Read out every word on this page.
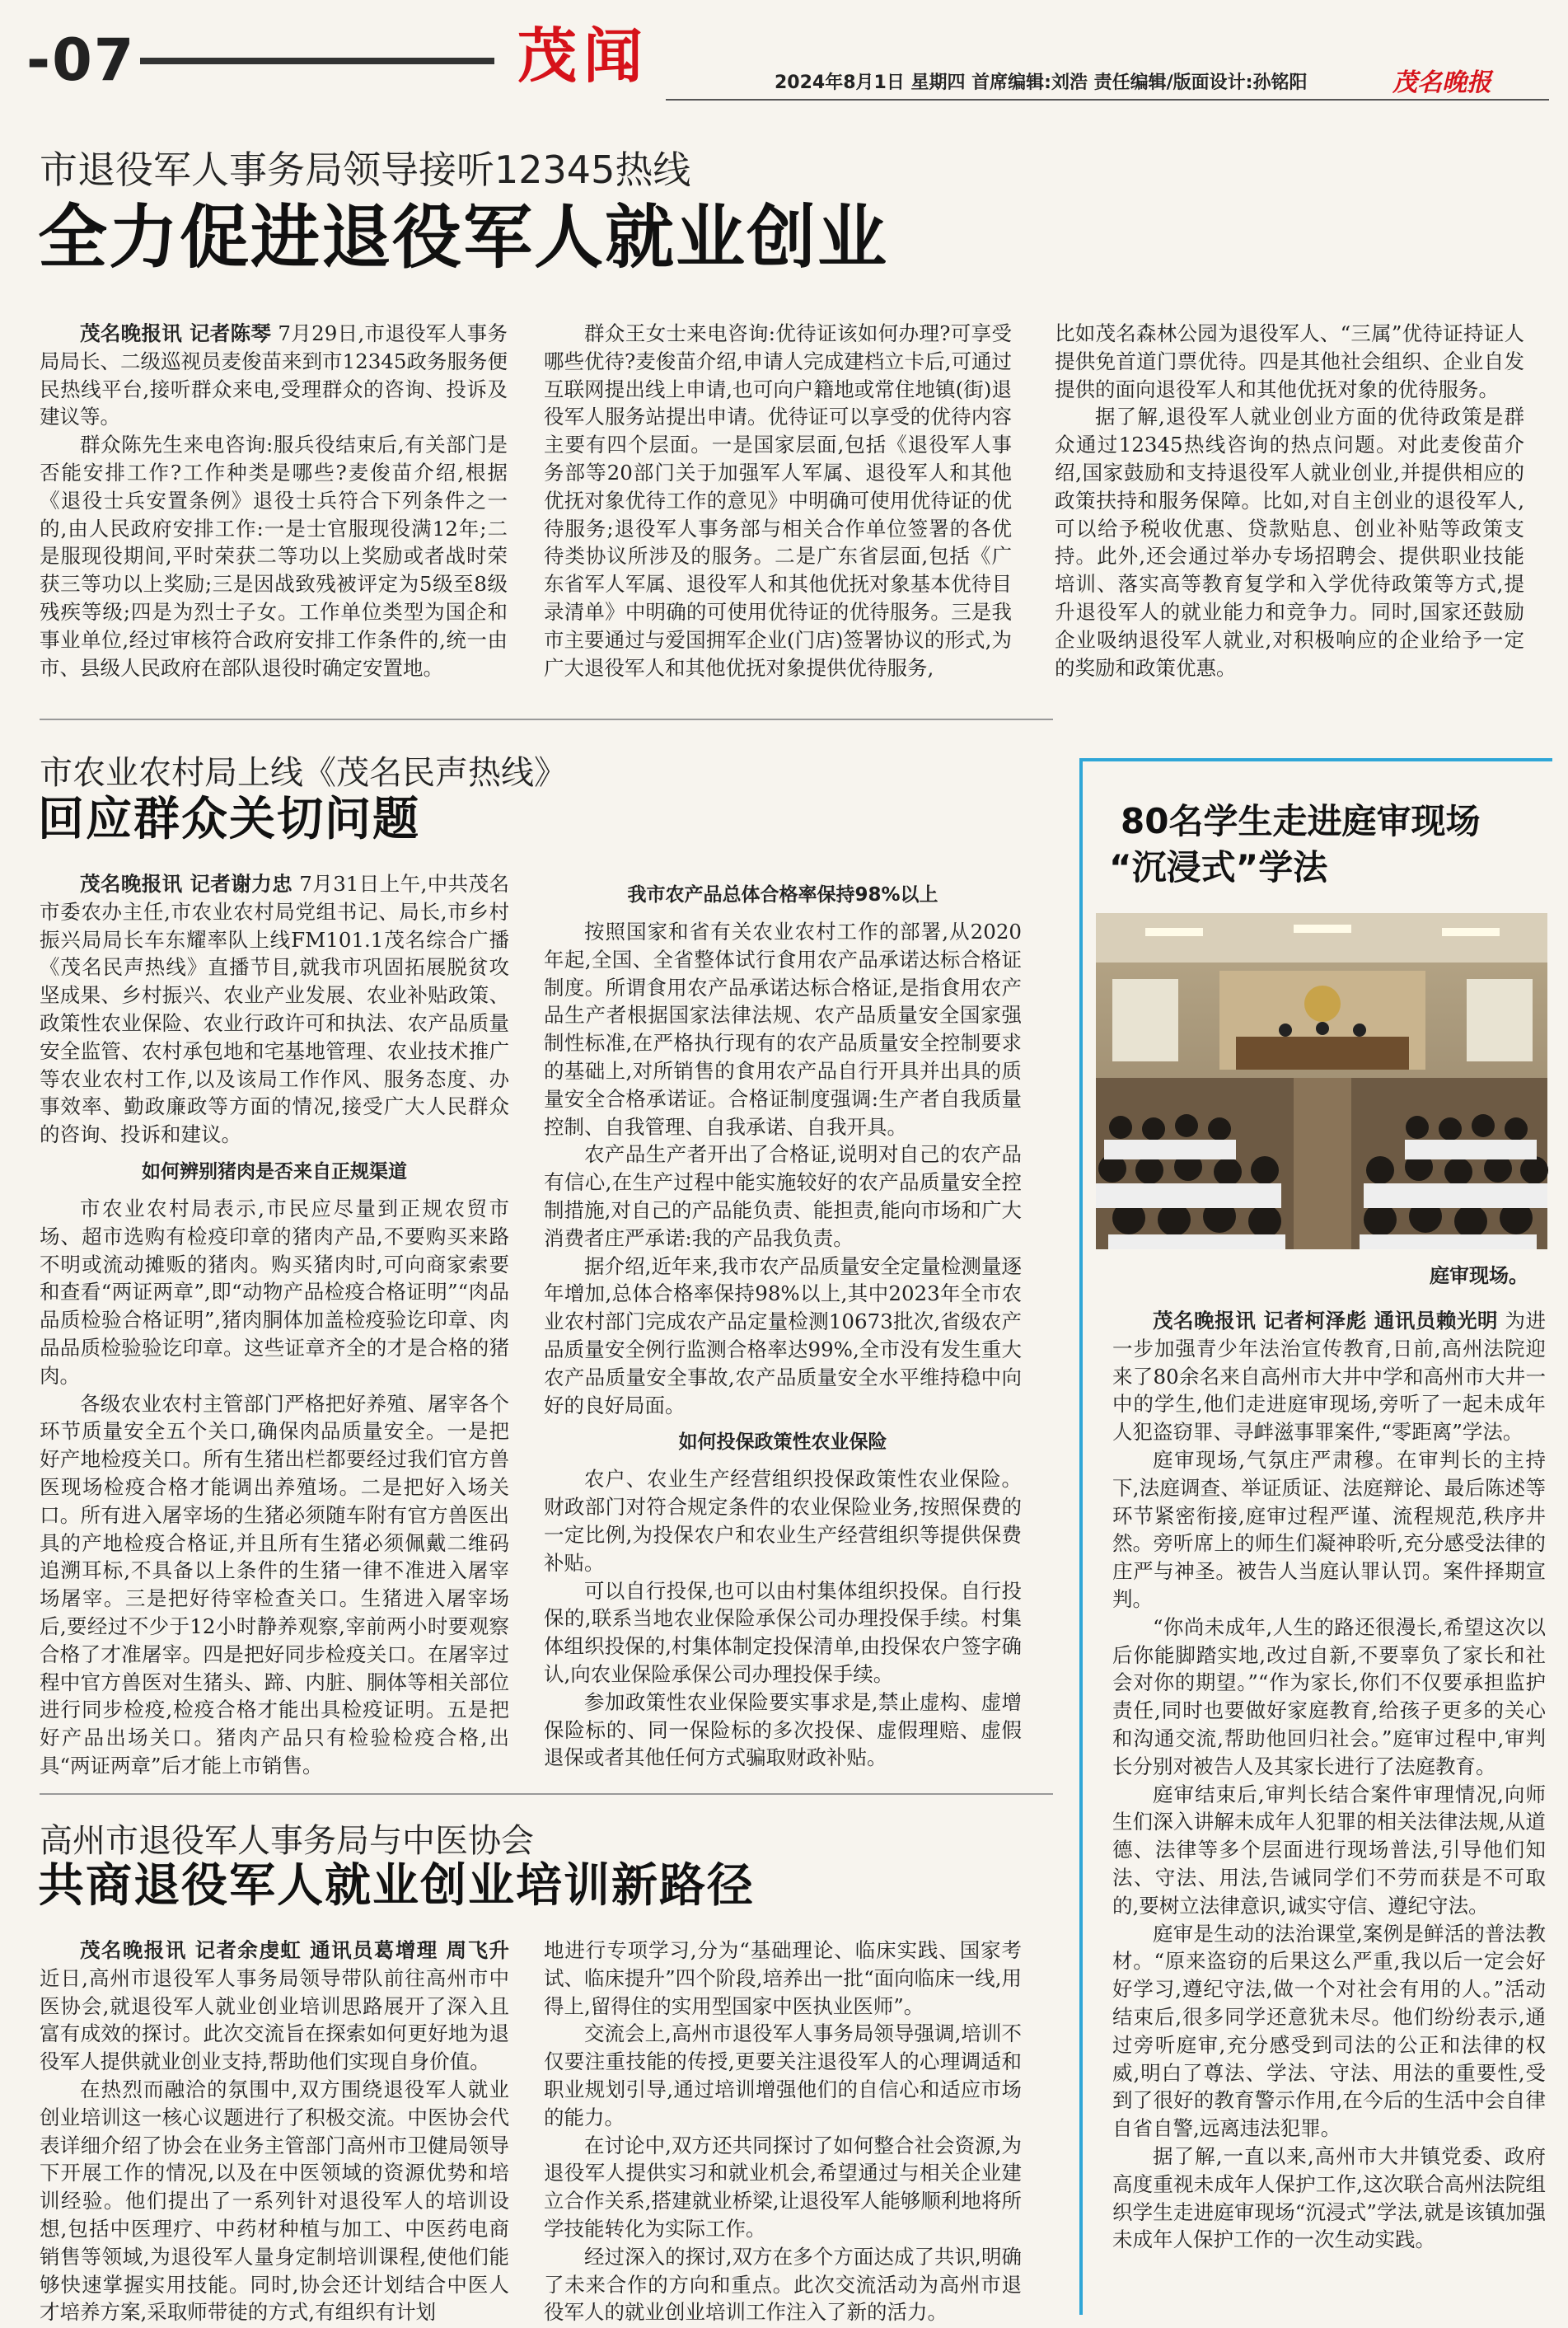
-07	茂闻	2024年8月1日 星期四 首席编辑:刘浩 责任编辑/版面设计:孙铭阳	茂名晚报
市退役军人事务局领导接听12345热线
全力促进退役军人就业创业

茂名晚报讯 记者陈琴 7月29日,市退役军人事务局局长、二级巡视员麦俊苗来到市12345政务服务便民热线平台,接听群众来电,受理群众的咨询、投诉及建议等。

群众陈先生来电咨询:服兵役结束后,有关部门是否能安排工作?工作种类是哪些?麦俊苗介绍,根据《退役士兵安置条例》退役士兵符合下列条件之一的,由人民政府安排工作:一是士官服现役满12年;二是服现役期间,平时荣获二等功以上奖励或者战时荣获三等功以上奖励;三是因战致残被评定为5级至8级残疾等级;四是为烈士子女。工作单位类型为国企和事业单位,经过审核符合政府安排工作条件的,统一由市、县级人民政府在部队退役时确定安置地。

群众王女士来电咨询:优待证该如何办理?可享受哪些优待?麦俊苗介绍,申请人完成建档立卡后,可通过互联网提出线上申请,也可向户籍地或常住地镇(街)退役军人服务站提出申请。优待证可以享受的优待内容主要有四个层面。一是国家层面,包括《退役军人事务部等20部门关于加强军人军属、退役军人和其他优抚对象优待工作的意见》中明确可使用优待证的优待服务;退役军人事务部与相关合作单位签署的各优待类协议所涉及的服务。二是广东省层面,包括《广东省军人军属、退役军人和其他优抚对象基本优待目录清单》中明确的可使用优待证的优待服务。三是我市主要通过与爱国拥军企业(门店)签署协议的形式,为广大退役军人和其他优抚对象提供优待服务,

比如茂名森林公园为退役军人、“三属”优待证持证人提供免首道门票优待。四是其他社会组织、企业自发提供的面向退役军人和其他优抚对象的优待服务。

据了解,退役军人就业创业方面的优待政策是群众通过12345热线咨询的热点问题。对此麦俊苗介绍,国家鼓励和支持退役军人就业创业,并提供相应的政策扶持和服务保障。比如,对自主创业的退役军人,可以给予税收优惠、贷款贴息、创业补贴等政策支持。此外,还会通过举办专场招聘会、提供职业技能培训、落实高等教育复学和入学优待政策等方式,提升退役军人的就业能力和竞争力。同时,国家还鼓励企业吸纳退役军人就业,对积极响应的企业给予一定的奖励和政策优惠。

市农业农村局上线《茂名民声热线》
回应群众关切问题

茂名晚报讯 记者谢力忠 7月31日上午,中共茂名市委农办主任,市农业农村局党组书记、局长,市乡村振兴局局长车东耀率队上线FM101.1茂名综合广播《茂名民声热线》直播节目,就我市巩固拓展脱贫攻坚成果、乡村振兴、农业产业发展、农业补贴政策、政策性农业保险、农业行政许可和执法、农产品质量安全监管、农村承包地和宅基地管理、农业技术推广等农业农村工作,以及该局工作作风、服务态度、办事效率、勤政廉政等方面的情况,接受广大人民群众的咨询、投诉和建议。

如何辨别猪肉是否来自正规渠道

市农业农村局表示,市民应尽量到正规农贸市场、超市选购有检疫印章的猪肉产品,不要购买来路不明或流动摊贩的猪肉。购买猪肉时,可向商家索要和查看“两证两章”,即“动物产品检疫合格证明”“肉品品质检验合格证明”,猪肉胴体加盖检疫验讫印章、肉品品质检验验讫印章。这些证章齐全的才是合格的猪肉。

各级农业农村主管部门严格把好养殖、屠宰各个环节质量安全五个关口,确保肉品质量安全。一是把好产地检疫关口。所有生猪出栏都要经过我们官方兽医现场检疫合格才能调出养殖场。二是把好入场关口。所有进入屠宰场的生猪必须随车附有官方兽医出具的产地检疫合格证,并且所有生猪必须佩戴二维码追溯耳标,不具备以上条件的生猪一律不准进入屠宰场屠宰。三是把好待宰检查关口。生猪进入屠宰场后,要经过不少于12小时静养观察,宰前两小时要观察合格了才准屠宰。四是把好同步检疫关口。在屠宰过程中官方兽医对生猪头、蹄、内脏、胴体等相关部位进行同步检疫,检疫合格才能出具检疫证明。五是把好产品出场关口。猪肉产品只有检验检疫合格,出具“两证两章”后才能上市销售。

我市农产品总体合格率保持98%以上

按照国家和省有关农业农村工作的部署,从2020年起,全国、全省整体试行食用农产品承诺达标合格证制度。所谓食用农产品承诺达标合格证,是指食用农产品生产者根据国家法律法规、农产品质量安全国家强制性标准,在严格执行现有的农产品质量安全控制要求的基础上,对所销售的食用农产品自行开具并出具的质量安全合格承诺证。合格证制度强调:生产者自我质量控制、自我管理、自我承诺、自我开具。

农产品生产者开出了合格证,说明对自己的农产品有信心,在生产过程中能实施较好的农产品质量安全控制措施,对自己的产品能负责、能担责,能向市场和广大消费者庄严承诺:我的产品我负责。

据介绍,近年来,我市农产品质量安全定量检测量逐年增加,总体合格率保持98%以上,其中2023年全市农业农村部门完成农产品定量检测10673批次,省级农产品质量安全例行监测合格率达99%,全市没有发生重大农产品质量安全事故,农产品质量安全水平维持稳中向好的良好局面。

如何投保政策性农业保险

农户、农业生产经营组织投保政策性农业保险。财政部门对符合规定条件的农业保险业务,按照保费的一定比例,为投保农户和农业生产经营组织等提供保费补贴。

可以自行投保,也可以由村集体组织投保。自行投保的,联系当地农业保险承保公司办理投保手续。村集体组织投保的,村集体制定投保清单,由投保农户签字确认,向农业保险承保公司办理投保手续。

参加政策性农业保险要实事求是,禁止虚构、虚增保险标的、同一保险标的多次投保、虚假理赔、虚假退保或者其他任何方式骗取财政补贴。

高州市退役军人事务局与中医协会
共商退役军人就业创业培训新路径

茂名晚报讯 记者余虔虹 通讯员葛增理 周飞升 近日,高州市退役军人事务局领导带队前往高州市中医协会,就退役军人就业创业培训思路展开了深入且富有成效的探讨。此次交流旨在探索如何更好地为退役军人提供就业创业支持,帮助他们实现自身价值。

在热烈而融洽的氛围中,双方围绕退役军人就业创业培训这一核心议题进行了积极交流。中医协会代表详细介绍了协会在业务主管部门高州市卫健局领导下开展工作的情况,以及在中医领域的资源优势和培训经验。他们提出了一系列针对退役军人的培训设想,包括中医理疗、中药材种植与加工、中医药电商销售等领域,为退役军人量身定制培训课程,使他们能够快速掌握实用技能。同时,协会还计划结合中医人才培养方案,采取师带徒的方式,有组织有计划

地进行专项学习,分为“基础理论、临床实践、国家考试、临床提升”四个阶段,培养出一批“面向临床一线,用得上,留得住的实用型国家中医执业医师”。

交流会上,高州市退役军人事务局领导强调,培训不仅要注重技能的传授,更要关注退役军人的心理调适和职业规划引导,通过培训增强他们的自信心和适应市场的能力。

在讨论中,双方还共同探讨了如何整合社会资源,为退役军人提供实习和就业机会,希望通过与相关企业建立合作关系,搭建就业桥梁,让退役军人能够顺利地将所学技能转化为实际工作。

经过深入的探讨,双方在多个方面达成了共识,明确了未来合作的方向和重点。此次交流活动为高州市退役军人的就业创业培训工作注入了新的活力。

80名学生走进庭审现场
“沉浸式”学法
庭审现场。

茂名晚报讯 记者柯泽彪 通讯员赖光明 为进一步加强青少年法治宣传教育,日前,高州法院迎来了80余名来自高州市大井中学和高州市大井一中的学生,他们走进庭审现场,旁听了一起未成年人犯盗窃罪、寻衅滋事罪案件,“零距离”学法。

庭审现场,气氛庄严肃穆。在审判长的主持下,法庭调查、举证质证、法庭辩论、最后陈述等环节紧密衔接,庭审过程严谨、流程规范,秩序井然。旁听席上的师生们凝神聆听,充分感受法律的庄严与神圣。被告人当庭认罪认罚。案件择期宣判。

“你尚未成年,人生的路还很漫长,希望这次以后你能脚踏实地,改过自新,不要辜负了家长和社会对你的期望。”“作为家长,你们不仅要承担监护责任,同时也要做好家庭教育,给孩子更多的关心和沟通交流,帮助他回归社会。”庭审过程中,审判长分别对被告人及其家长进行了法庭教育。

庭审结束后,审判长结合案件审理情况,向师生们深入讲解未成年人犯罪的相关法律法规,从道德、法律等多个层面进行现场普法,引导他们知法、守法、用法,告诫同学们不劳而获是不可取的,要树立法律意识,诚实守信、遵纪守法。

庭审是生动的法治课堂,案例是鲜活的普法教材。“原来盗窃的后果这么严重,我以后一定会好好学习,遵纪守法,做一个对社会有用的人。”活动结束后,很多同学还意犹未尽。他们纷纷表示,通过旁听庭审,充分感受到司法的公正和法律的权威,明白了尊法、学法、守法、用法的重要性,受到了很好的教育警示作用,在今后的生活中会自律自省自警,远离违法犯罪。

据了解,一直以来,高州市大井镇党委、政府高度重视未成年人保护工作,这次联合高州法院组织学生走进庭审现场“沉浸式”学法,就是该镇加强未成年人保护工作的一次生动实践。
